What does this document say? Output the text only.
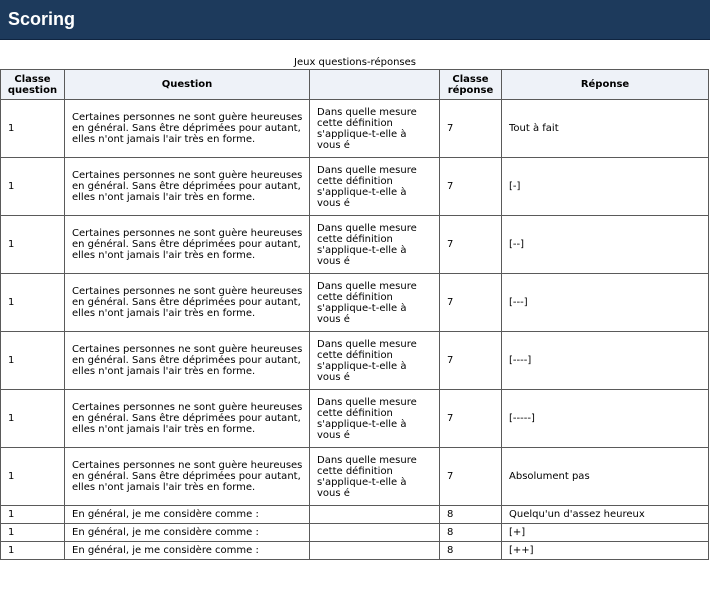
Scoring
Jeux questions-réponses
Classe question	Question		Classe réponse	Réponse
1	Certaines personnes ne sont guère heureuses en général. Sans être déprimées pour autant, elles n'ont jamais l'air très en forme.	Dans quelle mesure cette définition s'applique-t-elle à vous é	7	Tout à fait
1	Certaines personnes ne sont guère heureuses en général. Sans être déprimées pour autant, elles n'ont jamais l'air très en forme.	Dans quelle mesure cette définition s'applique-t-elle à vous é	7	[-]
1	Certaines personnes ne sont guère heureuses en général. Sans être déprimées pour autant, elles n'ont jamais l'air très en forme.	Dans quelle mesure cette définition s'applique-t-elle à vous é	7	[--]
1	Certaines personnes ne sont guère heureuses en général. Sans être déprimées pour autant, elles n'ont jamais l'air très en forme.	Dans quelle mesure cette définition s'applique-t-elle à vous é	7	[---]
1	Certaines personnes ne sont guère heureuses en général. Sans être déprimées pour autant, elles n'ont jamais l'air très en forme.	Dans quelle mesure cette définition s'applique-t-elle à vous é	7	[----]
1	Certaines personnes ne sont guère heureuses en général. Sans être déprimées pour autant, elles n'ont jamais l'air très en forme.	Dans quelle mesure cette définition s'applique-t-elle à vous é	7	[-----]
1	Certaines personnes ne sont guère heureuses en général. Sans être déprimées pour autant, elles n'ont jamais l'air très en forme.	Dans quelle mesure cette définition s'applique-t-elle à vous é	7	Absolument pas
1	En général, je me considère comme :		8	Quelqu'un d'assez heureux
1	En général, je me considère comme :		8	[+]
1	En général, je me considère comme :		8	[++]
